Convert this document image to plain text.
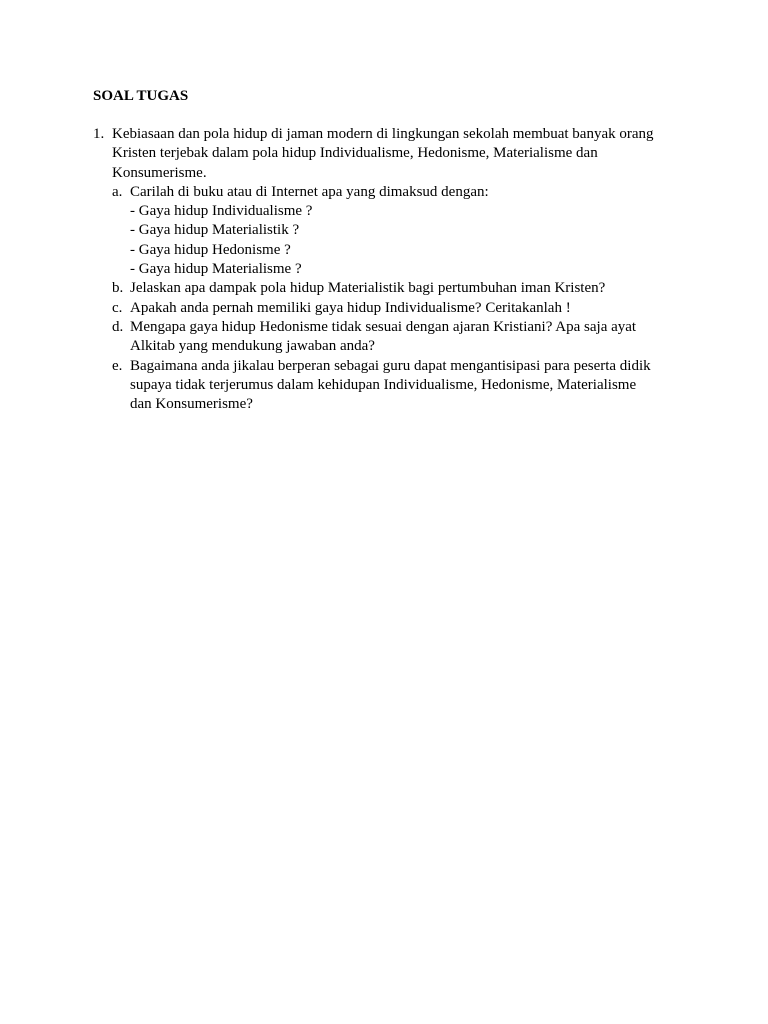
SOAL TUGAS
1. Kebiasaan dan pola hidup di jaman modern di lingkungan sekolah membuat banyak orang
Kristen terjebak dalam pola hidup Individualisme, Hedonisme, Materialisme dan
Konsumerisme.
a. Carilah di buku atau di Internet apa yang dimaksud dengan:
- Gaya hidup Individualisme ?
- Gaya hidup Materialistik ?
- Gaya hidup Hedonisme ?
- Gaya hidup Materialisme ?
b. Jelaskan apa dampak pola hidup Materialistik bagi pertumbuhan iman Kristen?
c. Apakah anda pernah memiliki gaya hidup Individualisme? Ceritakanlah !
d. Mengapa gaya hidup Hedonisme tidak sesuai dengan ajaran Kristiani? Apa saja ayat
Alkitab yang mendukung jawaban anda?
e. Bagaimana anda jikalau berperan sebagai guru dapat mengantisipasi para peserta didik
supaya tidak terjerumus dalam kehidupan Individualisme, Hedonisme, Materialisme
dan Konsumerisme?
